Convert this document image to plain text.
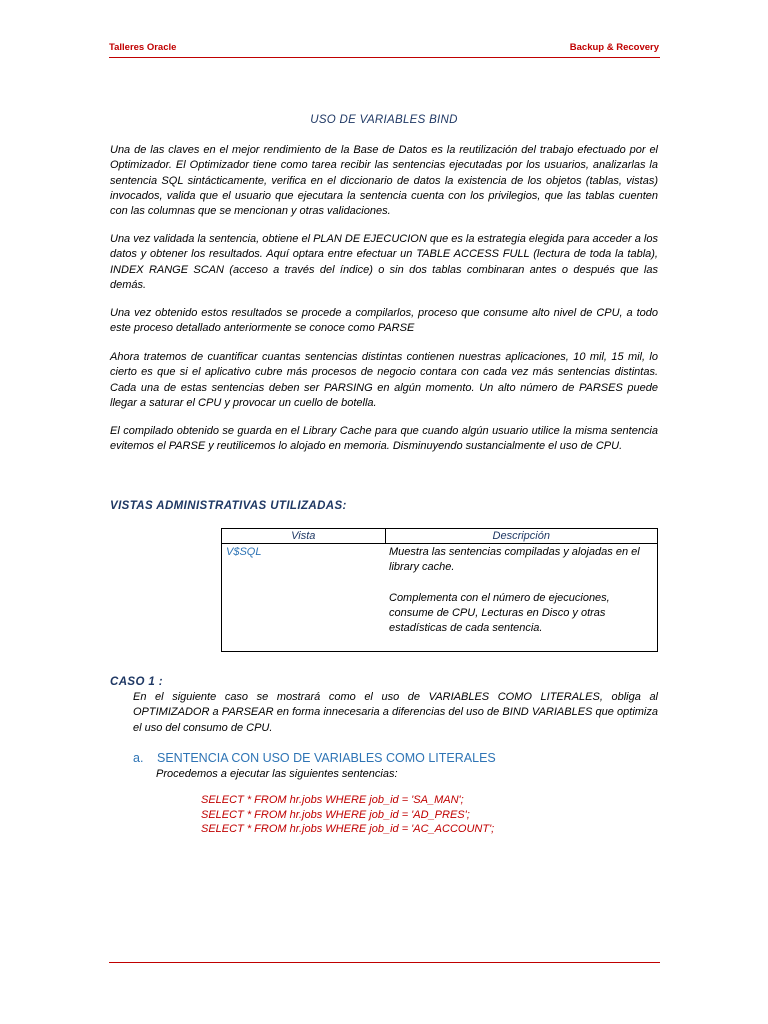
Talleres Oracle	Backup & Recovery
USO DE VARIABLES BIND

Una de las claves en el mejor rendimiento de la Base de Datos es la reutilización del trabajo efectuado por el Optimizador. El Optimizador tiene como tarea recibir las sentencias ejecutadas por los usuarios, analizarlas la sentencia SQL sintácticamente, verifica en el diccionario de datos la existencia de los objetos (tablas, vistas) invocados, valida que el usuario que ejecutara la sentencia cuenta con los privilegios, que las tablas cuenten con las columnas que se mencionan y otras validaciones.

Una vez validada la sentencia, obtiene el PLAN DE EJECUCION que es la estrategia elegida para acceder a los datos y obtener los resultados. Aquí optara entre efectuar un TABLE ACCESS FULL (lectura de toda la tabla), INDEX RANGE SCAN (acceso a través del índice) o sin dos tablas combinaran antes o después que las demás.

Una vez obtenido estos resultados se procede a compilarlos, proceso que consume alto nivel de CPU, a todo este proceso detallado anteriormente se conoce como PARSE

Ahora tratemos de cuantificar cuantas sentencias distintas contienen nuestras aplicaciones, 10 mil, 15 mil, lo cierto es que si el aplicativo cubre más procesos de negocio contara con cada vez más sentencias distintas. Cada una de estas sentencias deben ser PARSING en algún momento. Un alto número de PARSES puede llegar a saturar el CPU y provocar un cuello de botella.

El compilado obtenido se guarda en el Library Cache para que cuando algún usuario utilice la misma sentencia evitemos el PARSE y reutilicemos lo alojado en memoria. Disminuyendo sustancialmente el uso de CPU.

VISTAS ADMINISTRATIVAS UTILIZADAS:
Vista	Descripción
V$SQL	Muestra las sentencias compiladas y alojadas en el library cache.

Complementa con el número de ejecuciones, consume de CPU, Lecturas en Disco y otras estadísticas de cada sentencia.

CASO 1 :

En el siguiente caso se mostrará como el uso de VARIABLES COMO LITERALES, obliga al OPTIMIZADOR a PARSEAR en forma innecesaria a diferencias del uso de BIND VARIABLES que optimiza el uso del consumo de CPU.

a. SENTENCIA CON USO DE VARIABLES COMO LITERALES
Procedemos a ejecutar las siguientes sentencias:
SELECT * FROM hr.jobs WHERE job_id = 'SA_MAN';
SELECT * FROM hr.jobs WHERE job_id = 'AD_PRES';
SELECT * FROM hr.jobs WHERE job_id = 'AC_ACCOUNT';
